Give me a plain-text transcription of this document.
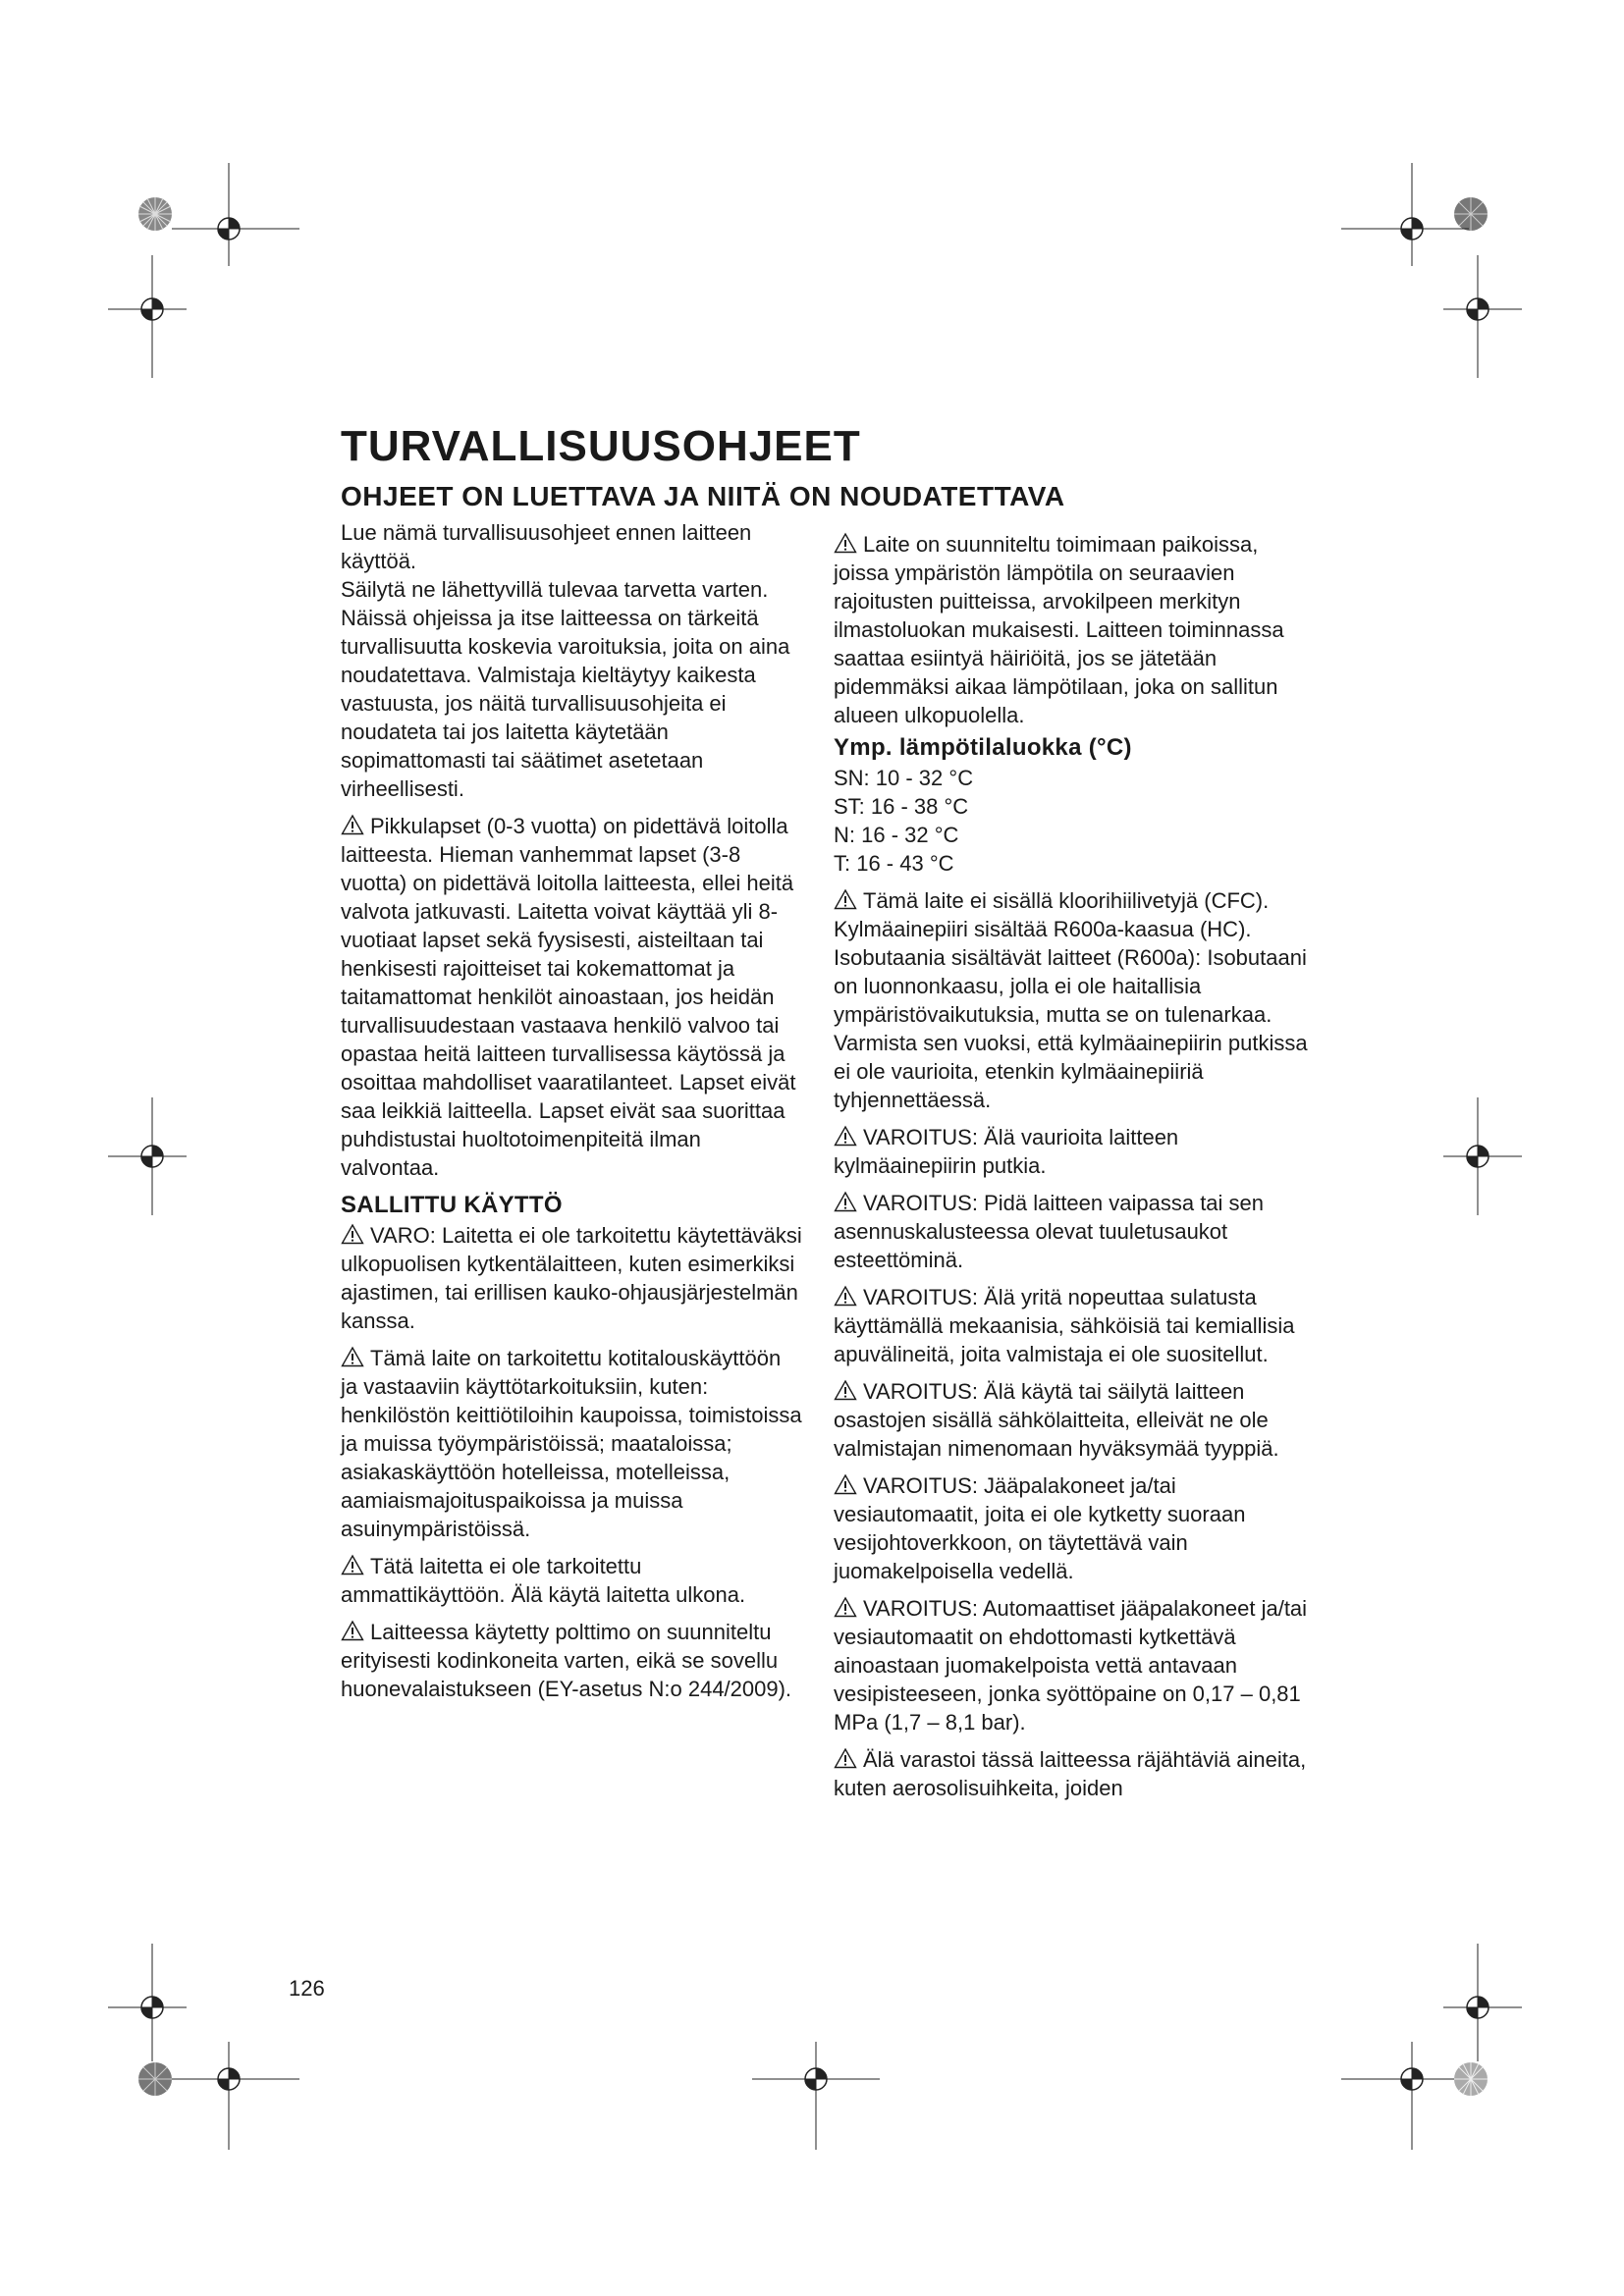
TURVALLISUUSOHJEET
OHJEET ON LUETTAVA JA NIITÄ ON NOUDATETTAVA

Lue nämä turvallisuusohjeet ennen laitteen käyttöä.

Säilytä ne lähettyvillä tulevaa tarvetta varten.

Näissä ohjeissa ja itse laitteessa on tärkeitä turvallisuutta koskevia varoituksia, joita on aina noudatettava. Valmistaja kieltäytyy kaikesta vastuusta, jos näitä turvallisuusohjeita ei noudateta tai jos laitetta käytetään sopimattomasti tai säätimet asetetaan virheellisesti.

Pikkulapset (0-3 vuotta) on pidettävä loitolla laitteesta. Hieman vanhemmat lapset (3-8 vuotta) on pidettävä loitolla laitteesta, ellei heitä valvota jatkuvasti. Laitetta voivat käyttää yli 8-vuotiaat lapset sekä fyysisesti, aisteiltaan tai henkisesti rajoitteiset tai kokemattomat ja taitamattomat henkilöt ainoastaan, jos heidän turvallisuudestaan vastaava henkilö valvoo tai opastaa heitä laitteen turvallisessa käytössä ja osoittaa mahdolliset vaaratilanteet. Lapset eivät saa leikkiä laitteella. Lapset eivät saa suorittaa puhdistustai huoltotoimenpiteitä ilman valvontaa.

SALLITTU KÄYTTÖ

VARO: Laitetta ei ole tarkoitettu käytettäväksi ulkopuolisen kytkentälaitteen, kuten esimerkiksi ajastimen, tai erillisen kauko-ohjausjärjestelmän kanssa.

Tämä laite on tarkoitettu kotitalouskäyttöön ja vastaaviin käyttötarkoituksiin, kuten: henkilöstön keittiötiloihin kaupoissa, toimistoissa ja muissa työympäristöissä; maataloissa; asiakaskäyttöön hotelleissa, motelleissa, aamiaismajoituspaikoissa ja muissa asuinympäristöissä.

Tätä laitetta ei ole tarkoitettu ammattikäyttöön. Älä käytä laitetta ulkona.

Laitteessa käytetty polttimo on suunniteltu erityisesti kodinkoneita varten, eikä se sovellu huonevalaistukseen (EY-asetus N:o 244/2009).

Laite on suunniteltu toimimaan paikoissa, joissa ympäristön lämpötila on seuraavien rajoitusten puitteissa, arvokilpeen merkityn ilmastoluokan mukaisesti. Laitteen toiminnassa saattaa esiintyä häiriöitä, jos se jätetään pidemmäksi aikaa lämpötilaan, joka on sallitun alueen ulkopuolella.

Ymp. lämpötilaluokka (°C)

SN: 10 - 32 °C

ST: 16 - 38 °C

N: 16 - 32 °C

T: 16 - 43 °C

Tämä laite ei sisällä kloorihiilivetyjä (CFC). Kylmäainepiiri sisältää R600a-kaasua (HC). Isobutaania sisältävät laitteet (R600a): Isobutaani on luonnonkaasu, jolla ei ole haitallisia ympäristövaikutuksia, mutta se on tulenarkaa. Varmista sen vuoksi, että kylmäainepiirin putkissa ei ole vaurioita, etenkin kylmäainepiiriä tyhjennettäessä.

VAROITUS: Älä vaurioita laitteen kylmäainepiirin putkia.

VAROITUS: Pidä laitteen vaipassa tai sen asennuskalusteessa olevat tuuletusaukot esteettöminä.

VAROITUS: Älä yritä nopeuttaa sulatusta käyttämällä mekaanisia, sähköisiä tai kemiallisia apuvälineitä, joita valmistaja ei ole suositellut.

VAROITUS: Älä käytä tai säilytä laitteen osastojen sisällä sähkölaitteita, elleivät ne ole valmistajan nimenomaan hyväksymää tyyppiä.

VAROITUS: Jääpalakoneet ja/tai vesiautomaatit, joita ei ole kytketty suoraan vesijohtoverkkoon, on täytettävä vain juomakelpoisella vedellä.

VAROITUS: Automaattiset jääpalakoneet ja/tai vesiautomaatit on ehdottomasti kytkettävä ainoastaan juomakelpoista vettä antavaan vesipisteeseen, jonka syöttöpaine on 0,17 – 0,81 MPa (1,7 – 8,1 bar).

Älä varastoi tässä laitteessa räjähtäviä aineita, kuten aerosolisuihkeita, joiden

126
